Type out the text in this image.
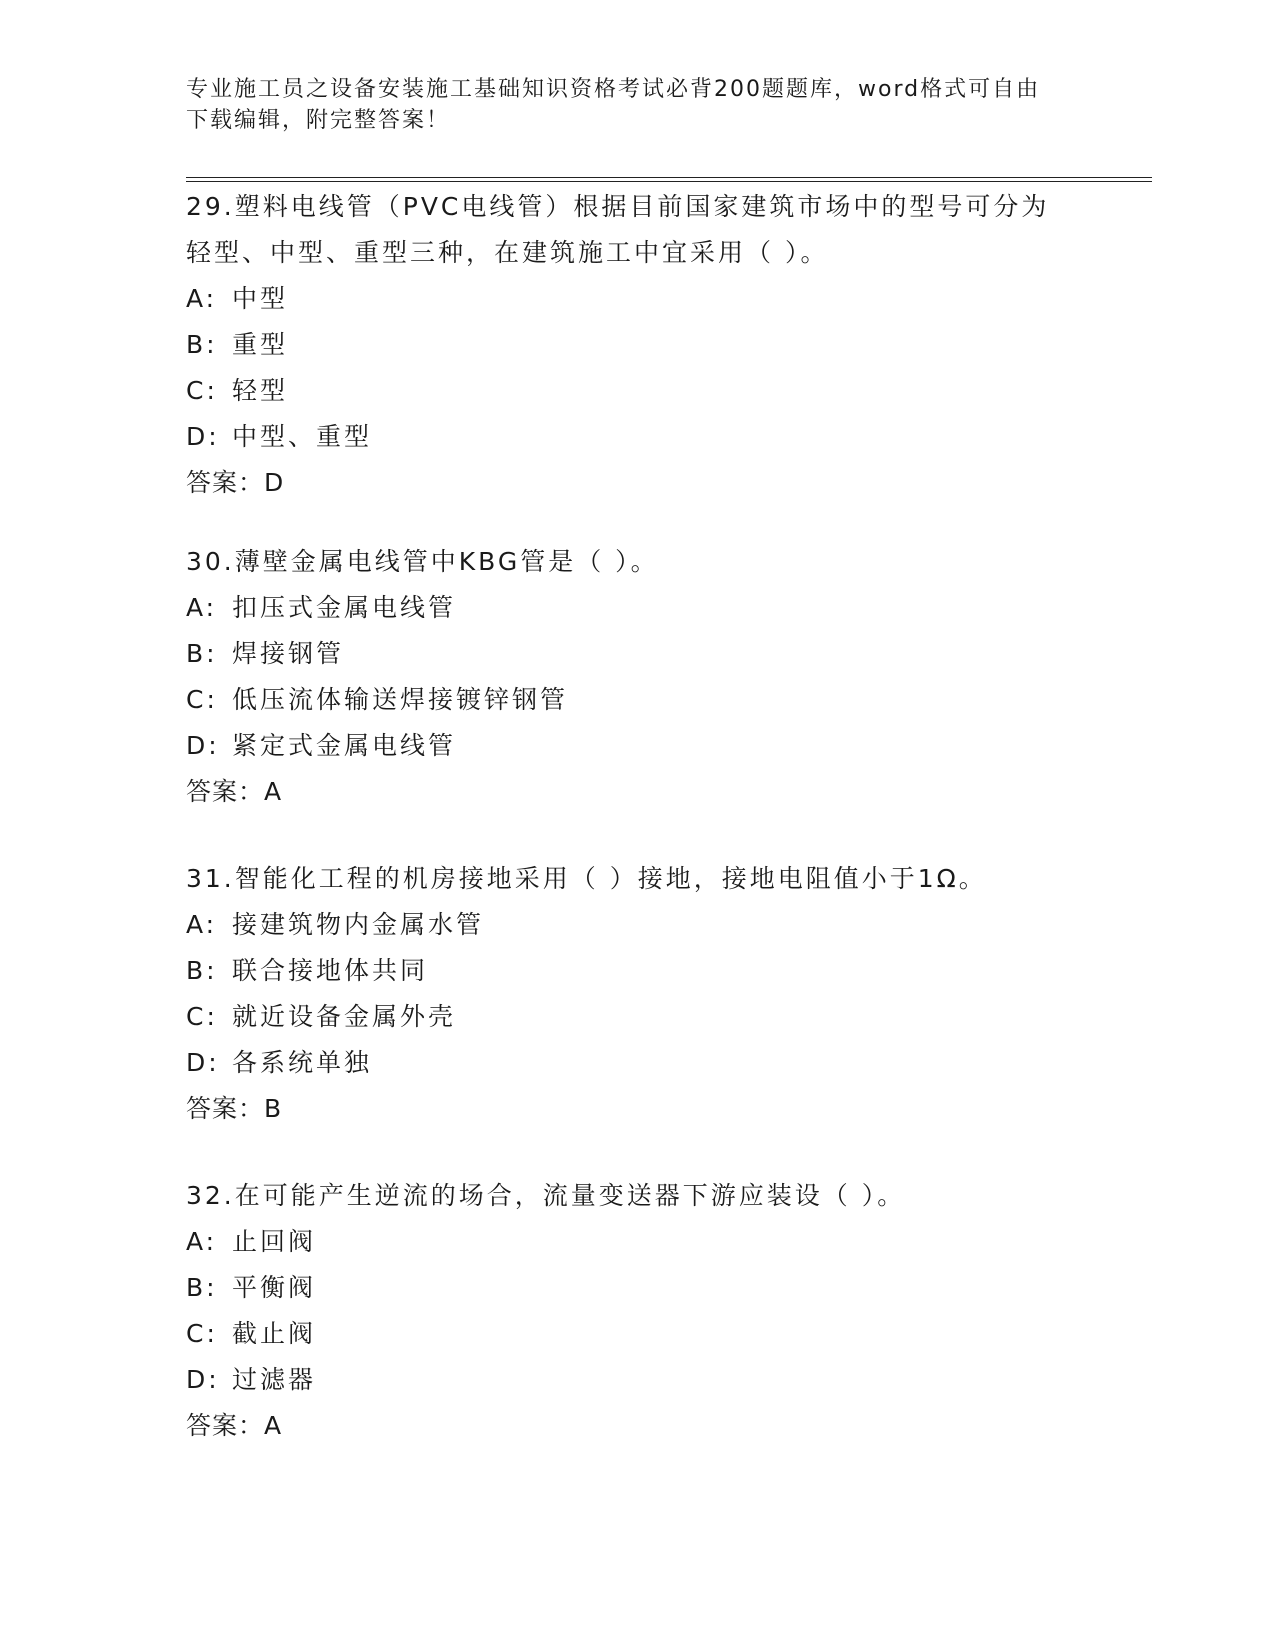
专业施工员之设备安装施工基础知识资格考试必背200题题库，word格式可自由
下载编辑，附完整答案！
29.塑料电线管（PVC电线管）根据目前国家建筑市场中的型号可分为
轻型、中型、重型三种，在建筑施工中宜采用（ ）。
A: 中型
B: 重型
C: 轻型
D: 中型、重型
答案：D
30.薄壁金属电线管中KBG管是（ ）。
A: 扣压式金属电线管
B: 焊接钢管
C: 低压流体输送焊接镀锌钢管
D: 紧定式金属电线管
答案：A
31.智能化工程的机房接地采用（ ）接地，接地电阻值小于1Ω。
A: 接建筑物内金属水管
B: 联合接地体共同
C: 就近设备金属外壳
D: 各系统单独
答案：B
32.在可能产生逆流的场合，流量变送器下游应装设（ ）。
A: 止回阀
B: 平衡阀
C: 截止阀
D: 过滤器
答案：A
